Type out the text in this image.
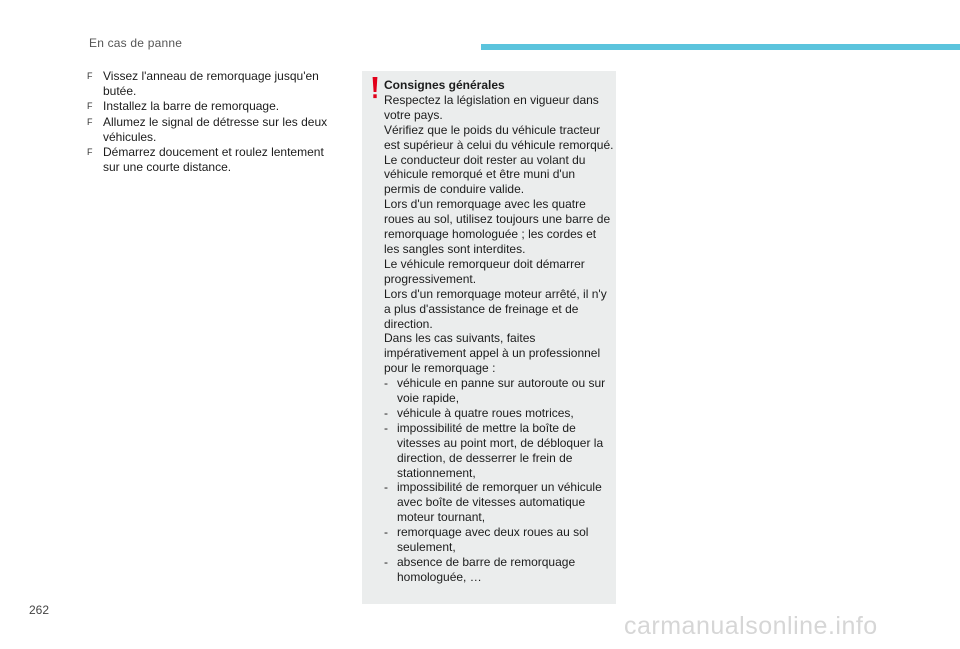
En cas de panne
F Vissez l'anneau de remorquage jusqu'en butée.
F Installez la barre de remorquage.
F Allumez le signal de détresse sur les deux véhicules.
F Démarrez doucement et roulez lentement sur une courte distance.

Consignes générales

Respectez la législation en vigueur dans votre pays.

Vérifiez que le poids du véhicule tracteur est supérieur à celui du véhicule remorqué.

Le conducteur doit rester au volant du véhicule remorqué et être muni d'un permis de conduire valide.

Lors d'un remorquage avec les quatre roues au sol, utilisez toujours une barre de remorquage homologuée ; les cordes et les sangles sont interdites.

Le véhicule remorqueur doit démarrer progressivement.

Lors d'un remorquage moteur arrêté, il n'y a plus d'assistance de freinage et de direction.

Dans les cas suivants, faites impérativement appel à un professionnel pour le remorquage :

- véhicule en panne sur autoroute ou sur voie rapide,
- véhicule à quatre roues motrices,
- impossibilité de mettre la boîte de vitesses au point mort, de débloquer la direction, de desserrer le frein de stationnement,
- impossibilité de remorquer un véhicule avec boîte de vitesses automatique moteur tournant,
- remorquage avec deux roues au sol seulement,
- absence de barre de remorquage homologuée, …
262
carmanualsonline.info
